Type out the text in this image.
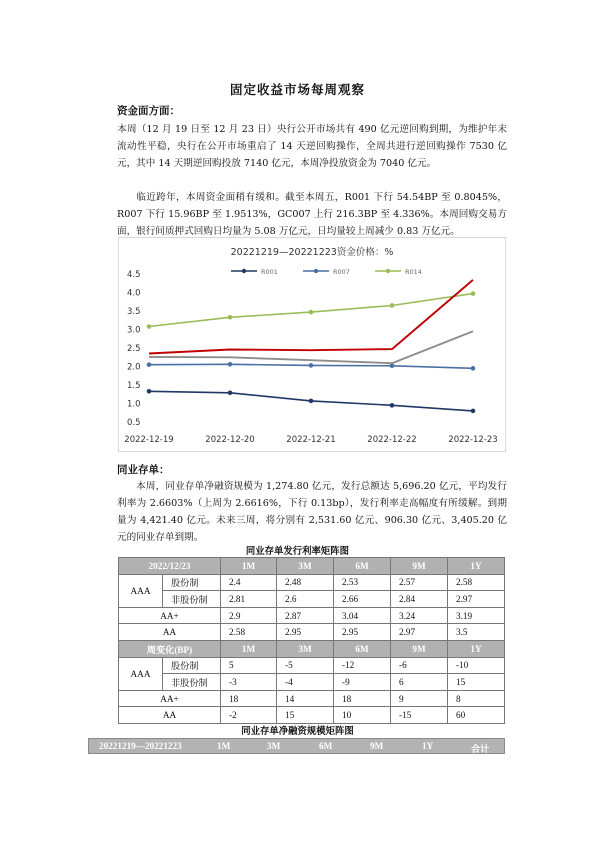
固定收益市场每周观察
资金面方面：

本周（12 月 19 日至 12 月 23 日）央行公开市场共有 490 亿元逆回购到期，为维护年末流动性平稳，央行在公开市场重启了 14 天逆回购操作，全周共进行逆回购操作 7530 亿元，其中 14 天期逆回购投放 7140 亿元，本周净投放资金为 7040 亿元。

临近跨年，本周资金面稍有缓和。截至本周五，R001 下行 54.54BP 至 0.8045%，R007 下行 15.96BP 至 1.9513%，GC007 上行 216.3BP 至 4.336%。本周回购交易方面，银行间质押式回购日均量为 5.08 万亿元，日均量较上周减少 0.83 万亿元。

20221219—20221223资金价格：%
R001	R007	R014
0.5
1.0
1.5
2.0
2.5
3.0
3.5
4.0
4.5
2022-12-19	2022-12-20	2022-12-21	2022-12-22	2022-12-23
同业存单：

本周，同业存单净融资规模为 1,274.80 亿元，发行总额达 5,696.20 亿元，平均发行利率为 2.6603%（上周为 2.6616%，下行 0.13bp），发行利率走高幅度有所缓解。到期量为 4,421.40 亿元。未来三周，将分别有 2,531.60 亿元、906.30 亿元、3,405.20 亿元的同业存单到期。

同业存单发行利率矩阵图
2022/12/23		1M	3M	6M	9M	1Y
AAA	股份制	2.4	2.48	2.53	2.57	2.58
	非股份制	2.81	2.6	2.66	2.84	2.97
AA+		2.9	2.87	3.04	3.24	3.19
AA		2.58	2.95	2.95	2.97	3.5
周变化(BP)		1M	3M	6M	9M	1Y
AAA	股份制	5	-5	-12	-6	-10
	非股份制	-3	-4	-9	6	15
AA+		18	14	18	9	8
AA		-2	15	10	-15	60
同业存单净融资规模矩阵图
20221219—20221223	1M	3M	6M	9M	1Y	合计
